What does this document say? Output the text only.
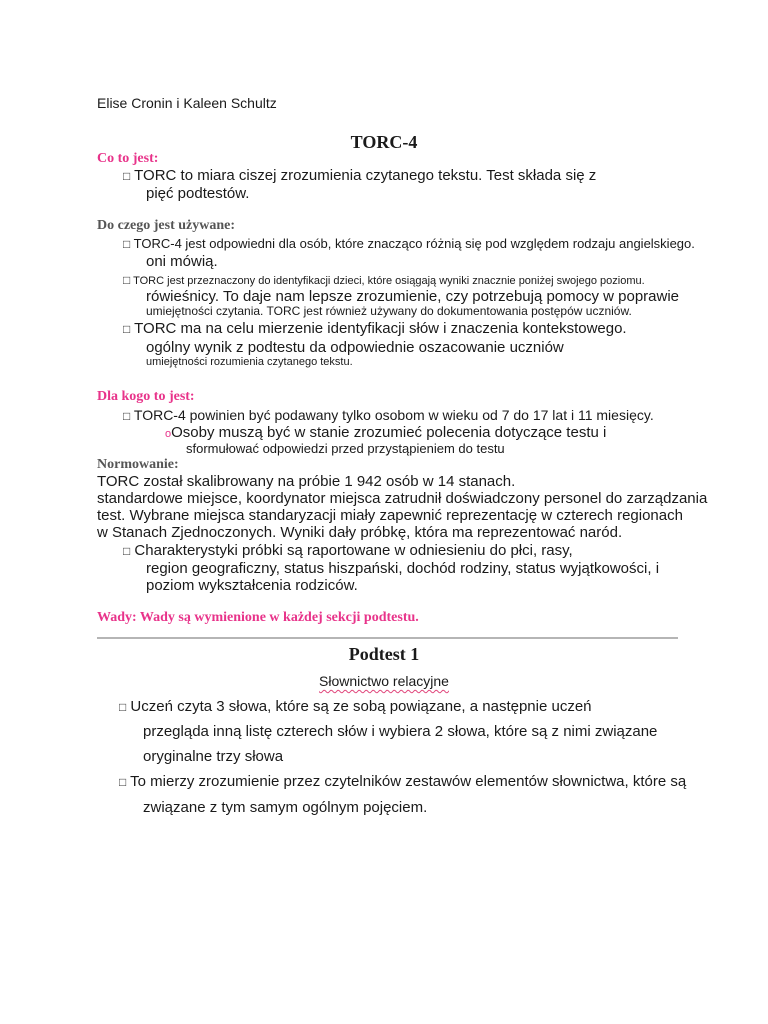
Elise Cronin i Kaleen Schultz
TORC-4
Co to jest:
□ TORC to miara ciszej zrozumienia czytanego tekstu. Test składa się z
pięć podtestów.
Do czego jest używane:
□ TORC-4 jest odpowiedni dla osób, które znacząco różnią się pod względem rodzaju angielskiego.
oni mówią.
□ TORC jest przeznaczony do identyfikacji dzieci, które osiągają wyniki znacznie poniżej swojego poziomu.
rówieśnicy. To daje nam lepsze zrozumienie, czy potrzebują pomocy w poprawie
umiejętności czytania. TORC jest również używany do dokumentowania postępów uczniów.
□ TORC ma na celu mierzenie identyfikacji słów i znaczenia kontekstowego.
ogólny wynik z podtestu da odpowiednie oszacowanie uczniów
umiejętności rozumienia czytanego tekstu.
Dla kogo to jest:
□ TORC-4 powinien być podawany tylko osobom w wieku od 7 do 17 lat i 11 miesięcy.
oOsoby muszą być w stanie zrozumieć polecenia dotyczące testu i
sformułować odpowiedzi przed przystąpieniem do testu
Normowanie:
TORC został skalibrowany na próbie 1 942 osób w 14 stanach.
standardowe miejsce, koordynator miejsca zatrudnił doświadczony personel do zarządzania
test. Wybrane miejsca standaryzacji miały zapewnić reprezentację w czterech regionach
w Stanach Zjednoczonych. Wyniki dały próbkę, która ma reprezentować naród.
□ Charakterystyki próbki są raportowane w odniesieniu do płci, rasy,
region geograficzny, status hiszpański, dochód rodziny, status wyjątkowości, i
poziom wykształcenia rodziców.
Wady: Wady są wymienione w każdej sekcji podtestu.
Podtest 1
Słownictwo relacyjne
□ Uczeń czyta 3 słowa, które są ze sobą powiązane, a następnie uczeń
przegląda inną listę czterech słów i wybiera 2 słowa, które są z nimi związane
oryginalne trzy słowa
□ To mierzy zrozumienie przez czytelników zestawów elementów słownictwa, które są
związane z tym samym ogólnym pojęciem.
